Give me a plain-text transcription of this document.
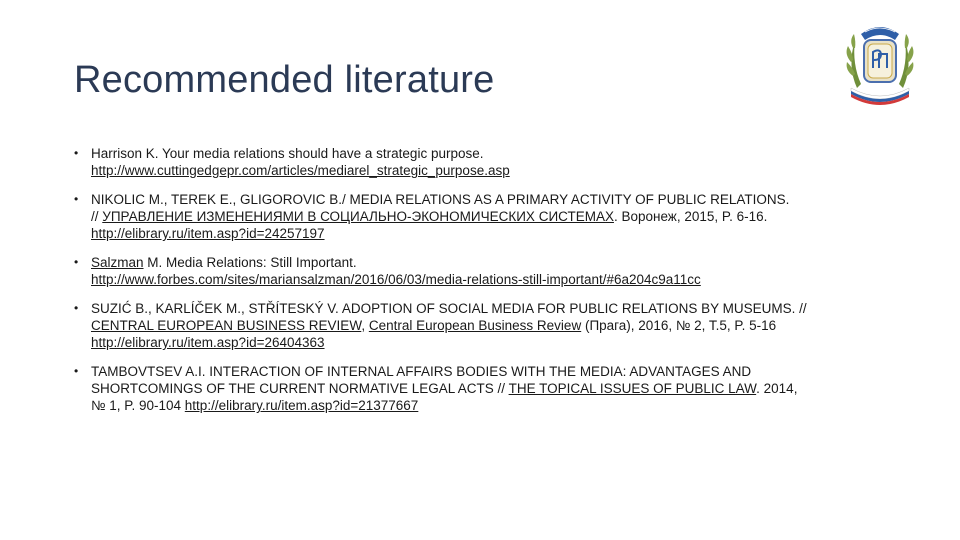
Recommended literature
• Harrison K. Your media relations should have a strategic purpose.
http://www.cuttingedgepr.com/articles/mediarel_strategic_purpose.asp
• NIKOLIC M., TEREK E., GLIGOROVIC B./ MEDIA RELATIONS AS A PRIMARY ACTIVITY OF PUBLIC RELATIONS.
// УПРАВЛЕНИЕ ИЗМЕНЕНИЯМИ В СОЦИАЛЬНО-ЭКОНОМИЧЕСКИХ СИСТЕМАХ. Воронеж, 2015, P. 6-16.
http://elibrary.ru/item.asp?id=24257197
• Salzman M. Media Relations: Still Important.
http://www.forbes.com/sites/mariansalzman/2016/06/03/media-relations-still-important/#6a204c9a11cc
• SUZIĆ B., KARLÍČEK M., STŘÍTESKÝ V. ADOPTION OF SOCIAL MEDIA FOR PUBLIC RELATIONS BY MUSEUMS. //
CENTRAL EUROPEAN BUSINESS REVIEW, Central European Business Review (Прага), 2016, № 2, T.5, P. 5-16
http://elibrary.ru/item.asp?id=26404363
• TAMBOVTSEV A.I. INTERACTION OF INTERNAL AFFAIRS BODIES WITH THE MEDIA: ADVANTAGES AND
SHORTCOMINGS OF THE CURRENT NORMATIVE LEGAL ACTS // THE TOPICAL ISSUES OF PUBLIC LAW. 2014,
№ 1, P. 90-104 http://elibrary.ru/item.asp?id=21377667
